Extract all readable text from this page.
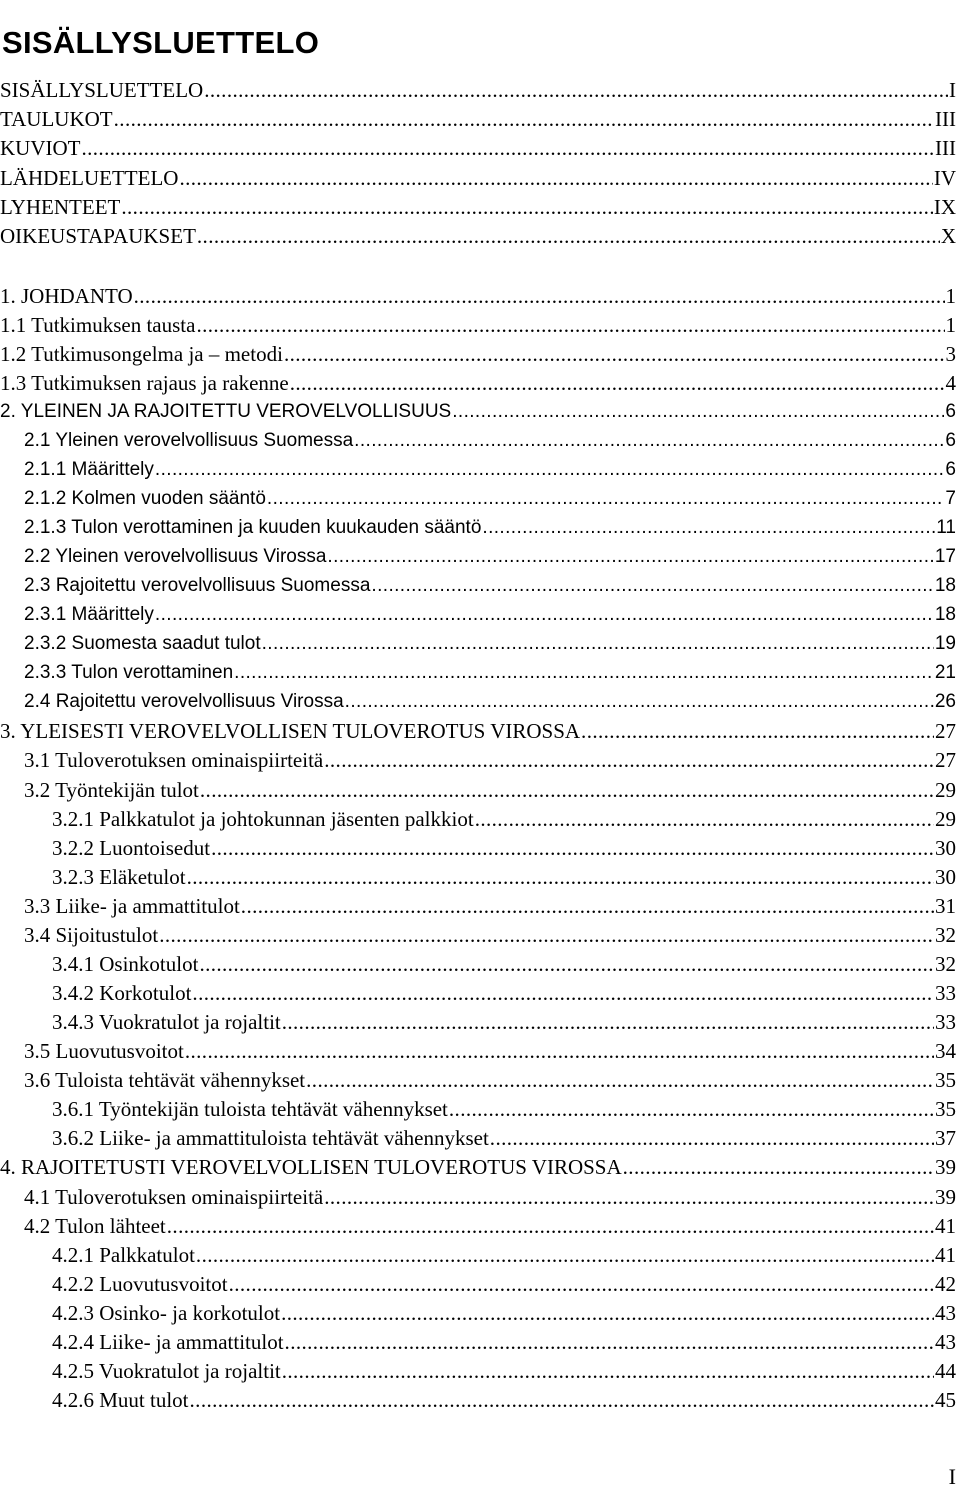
SISÄLLYSLUETTELO
SISÄLLYSLUETTELO .....	I
TAULUKOT .....	III
KUVIOT .....	III
LÄHDELUETTELO .....	IV
LYHENTEET .....	IX
OIKEUSTAPAUKSET .....	X
1. JOHDANTO .....	1
1.1 Tutkimuksen tausta .....	1
1.2 Tutkimusongelma ja – metodi .....	3
1.3 Tutkimuksen rajaus ja rakenne .....	4
2. YLEINEN JA RAJOITETTU VEROVELVOLLISUUS .....	6
2.1 Yleinen verovelvollisuus Suomessa .....	6
2.1.1 Määrittely .....	6
2.1.2 Kolmen vuoden sääntö .....	7
2.1.3 Tulon verottaminen ja kuuden kuukauden sääntö .....	11
2.2 Yleinen verovelvollisuus Virossa .....	17
2.3 Rajoitettu verovelvollisuus Suomessa .....	18
2.3.1 Määrittely .....	18
2.3.2 Suomesta saadut tulot .....	19
2.3.3 Tulon verottaminen .....	21
2.4 Rajoitettu verovelvollisuus Virossa .....	26
3. YLEISESTI VEROVELVOLLISEN TULOVEROTUS VIROSSA .....	27
3.1 Tuloverotuksen ominaispiirteitä .....	27
3.2 Työntekijän tulot .....	29
3.2.1 Palkkatulot ja johtokunnan jäsenten palkkiot .....	29
3.2.2 Luontoisedut .....	30
3.2.3 Eläketulot .....	30
3.3 Liike- ja ammattitulot .....	31
3.4 Sijoitustulot .....	32
3.4.1 Osinkotulot .....	32
3.4.2 Korkotulot .....	33
3.4.3 Vuokratulot ja rojaltit .....	33
3.5 Luovutusvoitot .....	34
3.6 Tuloista tehtävät vähennykset .....	35
3.6.1 Työntekijän tuloista tehtävät vähennykset .....	35
3.6.2 Liike- ja ammattituloista tehtävät vähennykset .....	37
4. RAJOITETUSTI VEROVELVOLLISEN TULOVEROTUS VIROSSA .....	39
4.1 Tuloverotuksen ominaispiirteitä .....	39
4.2 Tulon lähteet .....	41
4.2.1 Palkkatulot .....	41
4.2.2 Luovutusvoitot .....	42
4.2.3 Osinko- ja korkotulot .....	43
4.2.4 Liike- ja ammattitulot .....	43
4.2.5 Vuokratulot ja rojaltit .....	44
4.2.6 Muut tulot .....	45
I
